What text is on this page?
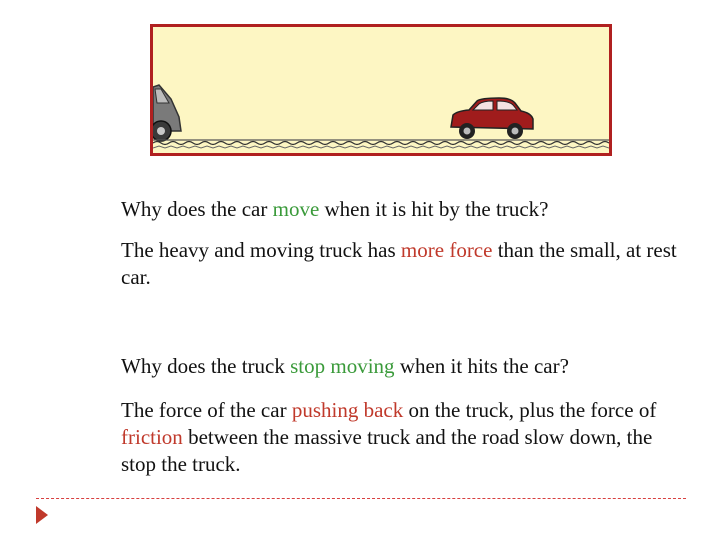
Why does the car move when it is hit by the truck?
The heavy and moving truck has more force than the small, at rest car.
Why does the truck stop moving when it hits the car?
The force of the car pushing back on the truck, plus the force of friction between the massive truck and the road slow down, the stop the truck.
